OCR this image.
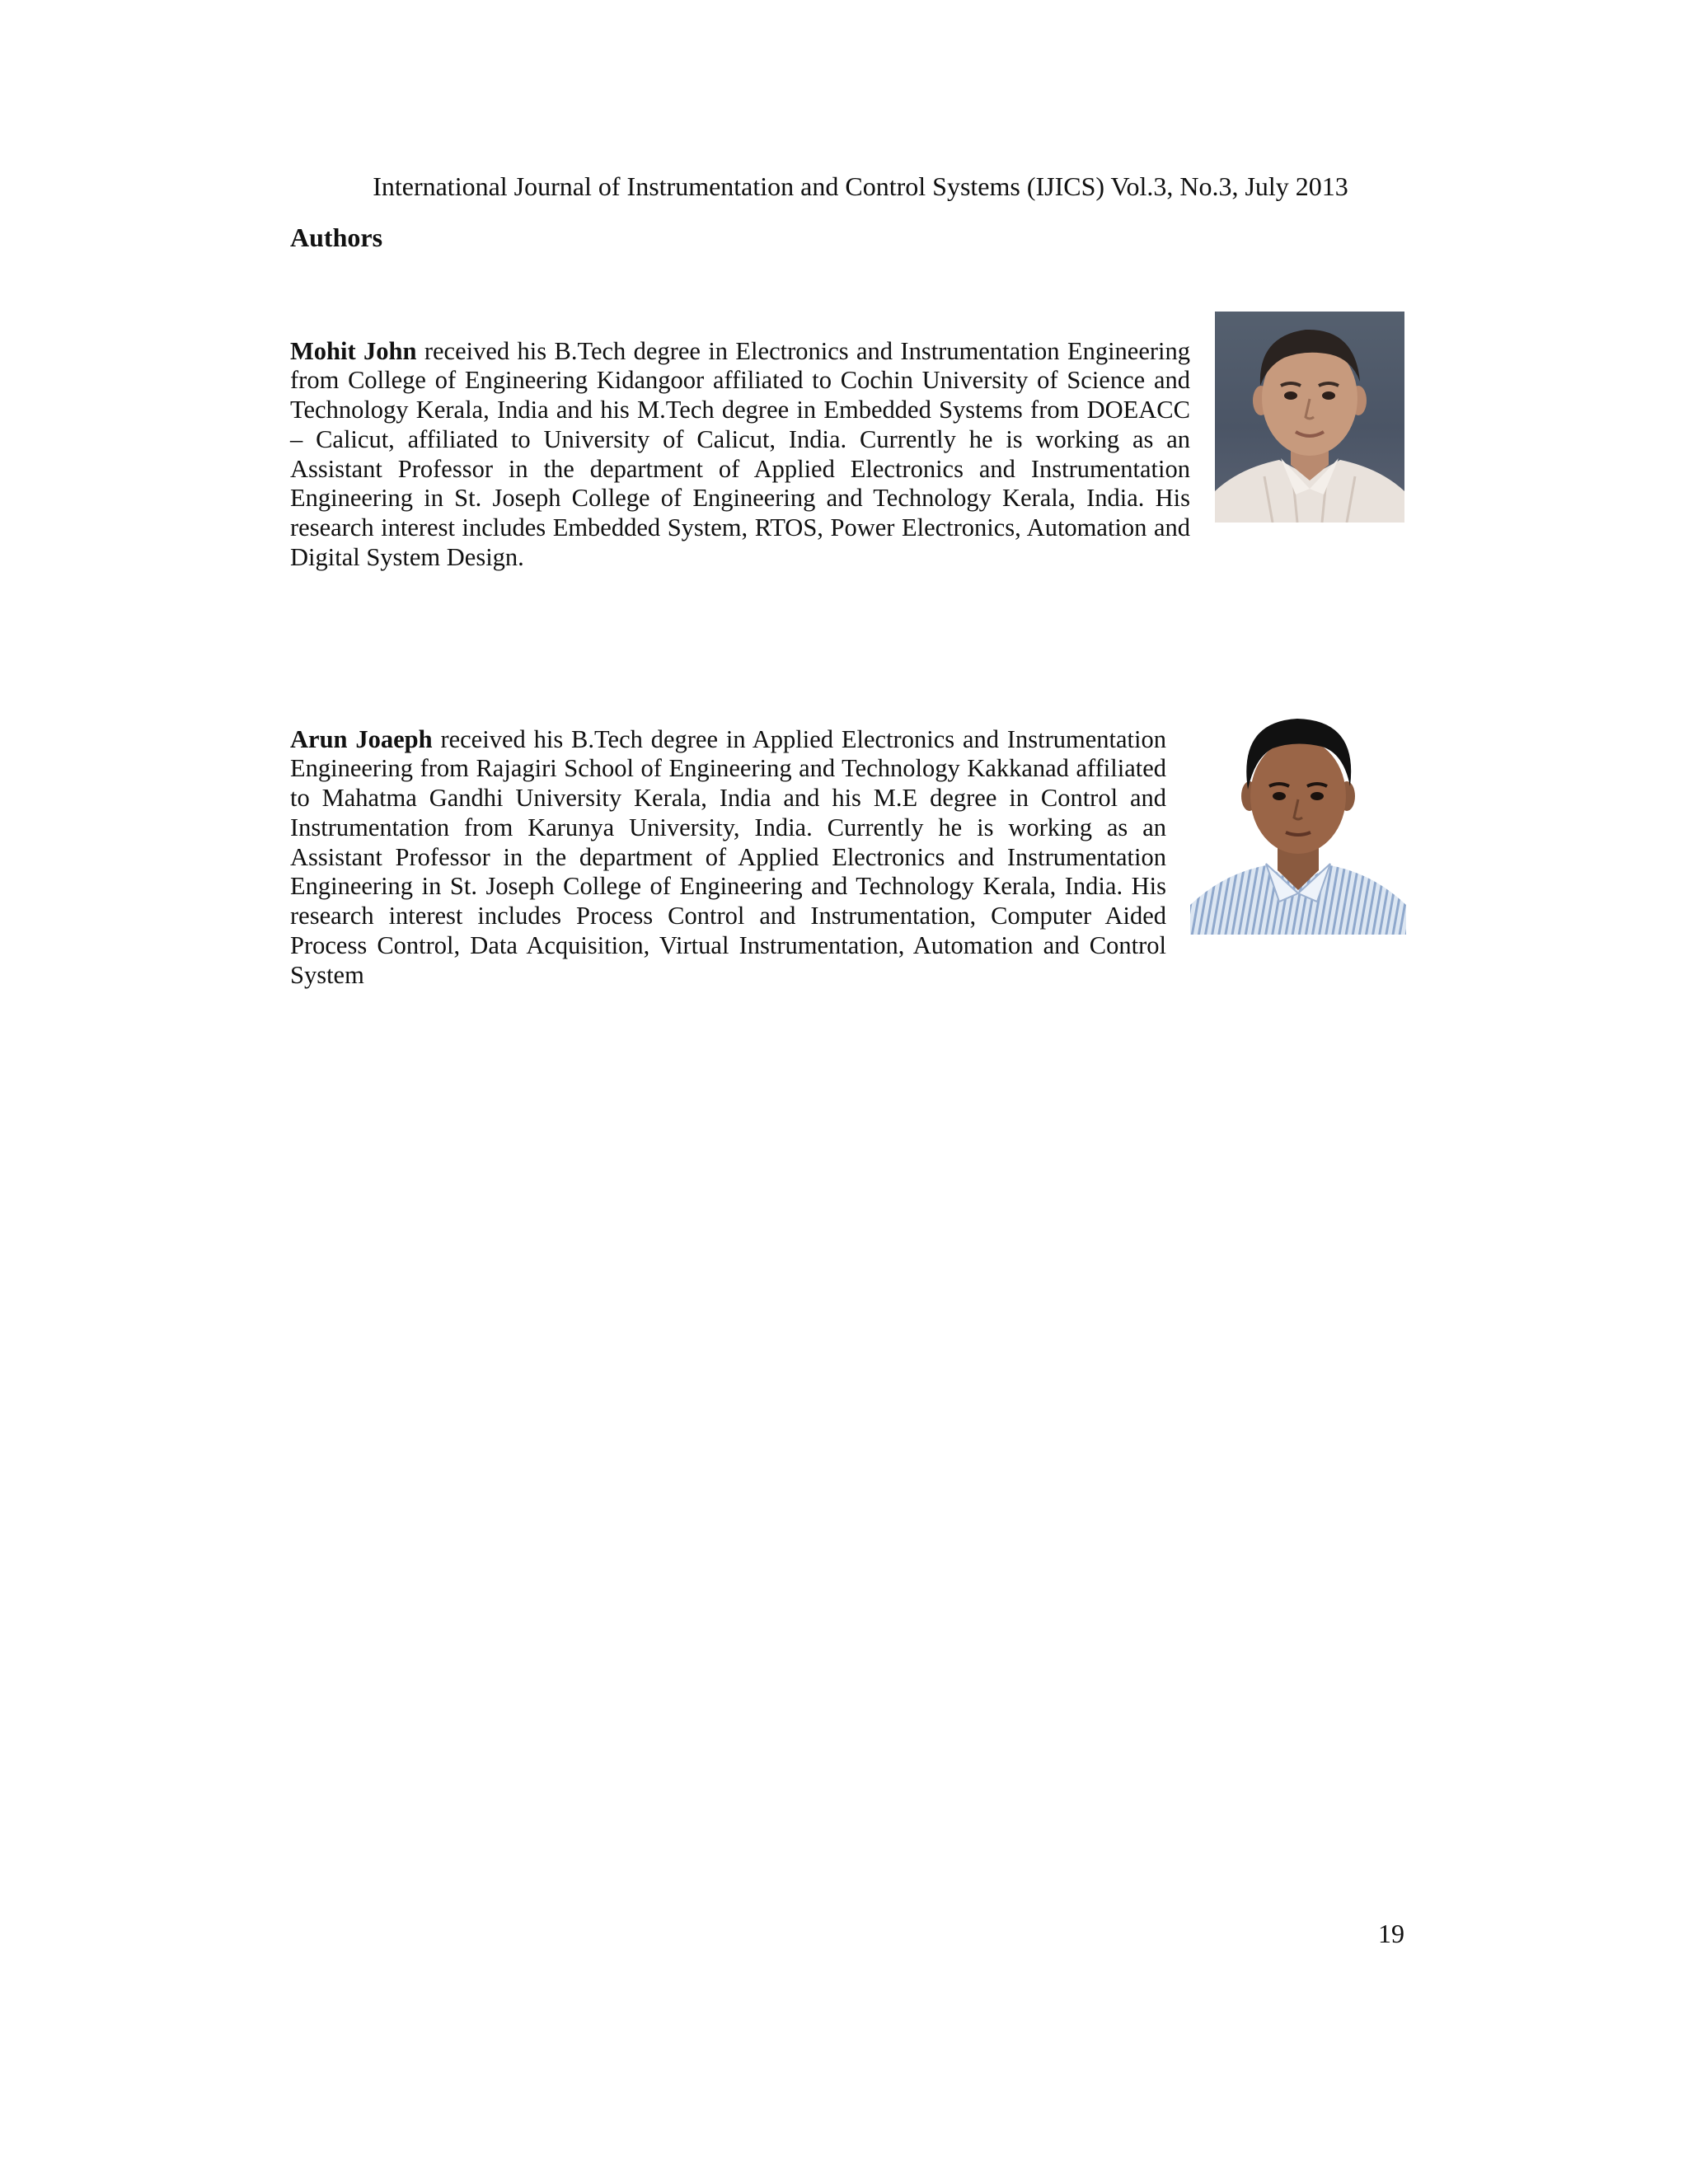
International Journal of Instrumentation and Control Systems (IJICS) Vol.3, No.3, July 2013
Authors

Mohit John received his B.Tech degree in Electronics and Instrumentation Engineering from College of Engineering Kidangoor affiliated to Cochin University of Science and Technology Kerala, India and his M.Tech degree in Embedded Systems from DOEACC – Calicut, affiliated to University of Calicut, India. Currently he is working as an Assistant Professor in the department of Applied Electronics and Instrumentation Engineering in St. Joseph College of Engineering and Technology Kerala, India. His research interest includes Embedded System, RTOS, Power Electronics, Automation and Digital System Design.

Arun Joaeph received his B.Tech degree in Applied Electronics and Instrumentation Engineering from Rajagiri School of Engineering and Technology Kakkanad affiliated to Mahatma Gandhi University Kerala, India and his M.E degree in Control and Instrumentation from Karunya University, India. Currently he is working as an Assistant Professor in the department of Applied Electronics and Instrumentation Engineering in St. Joseph College of Engineering and Technology Kerala, India. His research interest includes Process Control and Instrumentation, Computer Aided Process Control, Data Acquisition, Virtual Instrumentation, Automation and Control System

19
